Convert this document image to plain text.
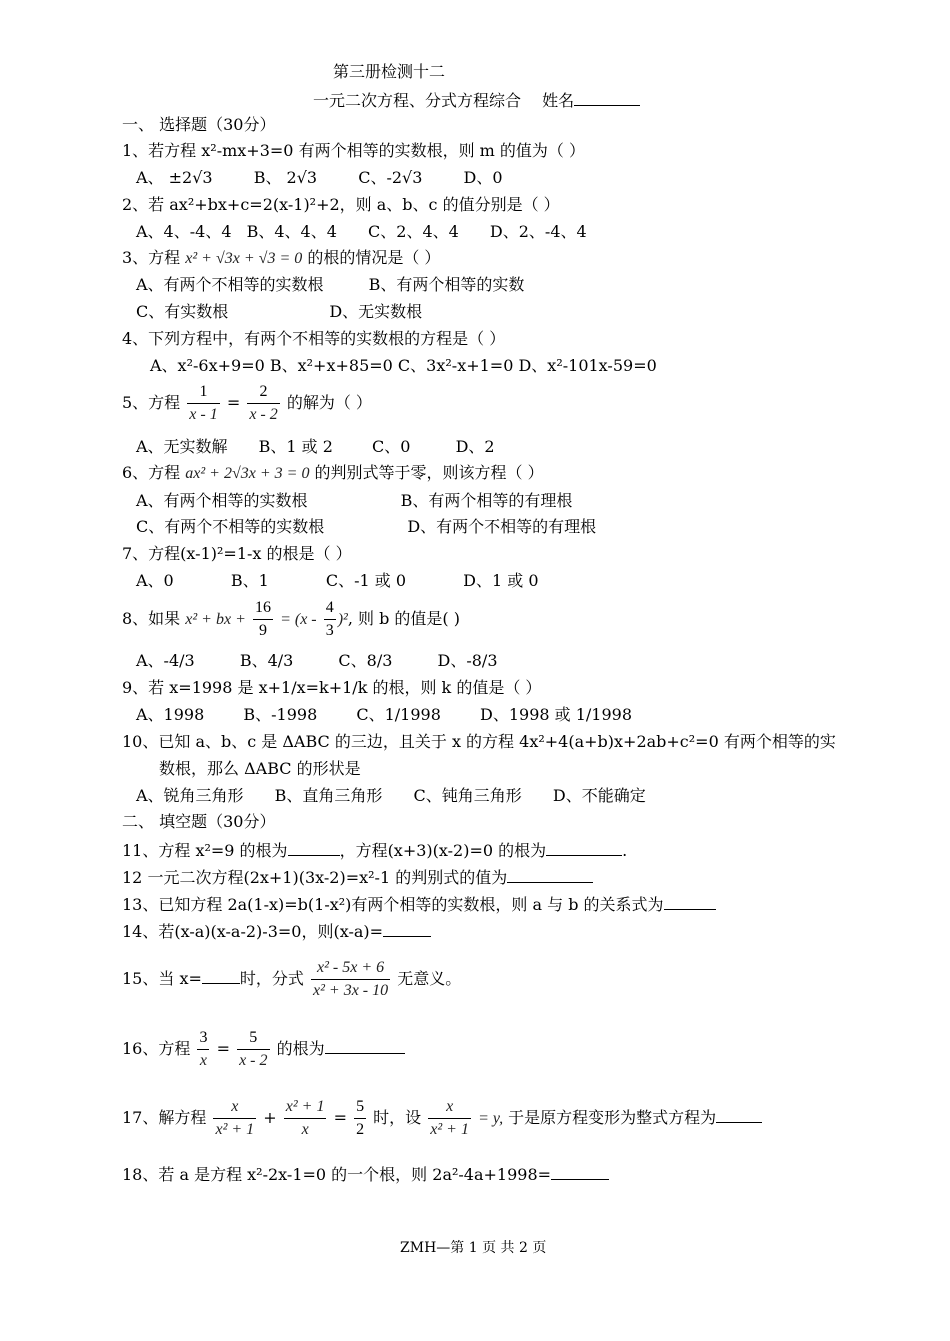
第三册检测十二
一元二次方程、分式方程综合 姓名
一、 选择题（30分）
1、若方程 x²-mx+3=0 有两个相等的实数根，则 m 的值为（ ）
A、 ±2√3	B、 2√3	C、-2√3	D、0
2、若 ax²+bx+c=2(x-1)²+2，则 a、b、c 的值分别是（ ）
A、4、-4、4 B、4、4、4 C、2、4、4 D、2、-4、4
3、方程 x² + √3x + √3 = 0 的根的情况是（ ）
A、有两个不相等的实数根	B、有两个相等的实数
C、有实数根	D、无实数根
4、下列方程中，有两个不相等的实数根的方程是（ ）
A、x²-6x+9=0 B、x²+x+85=0 C、3x²-x+1=0 D、x²-101x-59=0
5、方程 $\frac{1}{x - 1} = \frac{2}{x - 2}$ 的解为（ ）
A、无实数解 B、1 或 2 C、0	D、2
6、方程 ax² + 2√3x + 3 = 0 的判别式等于零，则该方程（ ）
A、有两个相等的实数根	B、有两个相等的有理根
C、有两个不相等的实数根	D、有两个不相等的有理根
7、方程(x-1)²=1-x 的根是（ ）
A、0	B、1	C、-1 或 0	D、1 或 0
8、如果 x² + bx + $\frac{16}{9} = (x - \frac{4}{3} )^2$, 则 b 的值是( )
A、-4/3	B、4/3	C、8/3	D、-8/3
9、若 x=1998 是 x+1/x=k+1/k 的根，则 k 的值是（ ）
A、1998 B、-1998 C、1/1998 D、1998 或 1/1998
10、已知 a、b、c 是 ΔABC 的三边，且关于 x 的方程 4x²+4(a+b)x+2ab+c²=0 有两个相等的实
数根，那么 ΔABC 的形状是
A、锐角三角形 B、直角三角形 C、钝角三角形 D、不能确定
二、 填空题（30分）
11、方程 x²=9 的根为	，方程(x+3)(x-2)=0 的根为	.
12 一元二次方程(2x+1)(3x-2)=x²-1 的判别式的值为
13、已知方程 2a(1-x)=b(1-x²)有两个相等的实数根，则 a 与 b 的关系式为
14、若(x-a)(x-a-2)-3=0，则(x-a)=
15、当 x= 时，分式 $\frac{\text{x² - 5x + 6}}{\text{x² + 3x - 10}}$ 无意义。
16、方程 $\frac{3}{x} = \frac{5}{x - 2}$ 的根为
17、解方程 $\frac{x}{\text{x² + 1}} + \frac{\text{x² + 1}}{x} = \frac{5}{2}$ 时，设 $\frac{x}{\text{x² + 1}} = y$, 于是原方程变形为整式方程为
18、若 a 是方程 x²-2x-1=0 的一个根，则 2a²-4a+1998=
ZMH—第 1 页 共 2 页
